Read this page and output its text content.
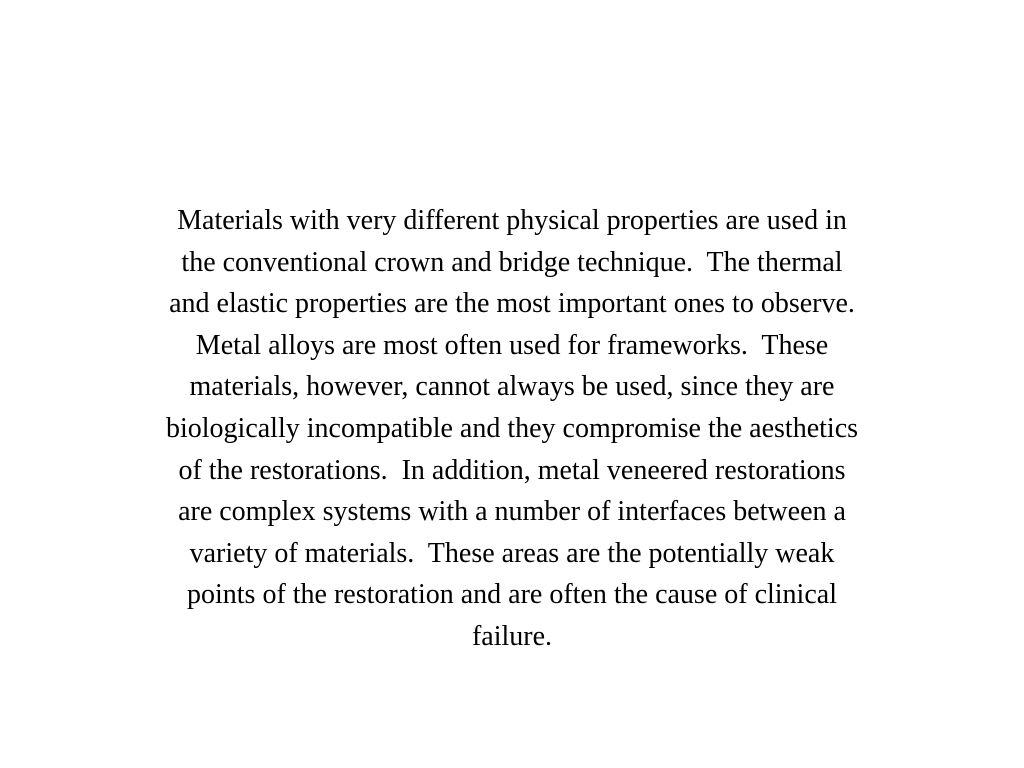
Materials with very different physical properties are used in
the conventional crown and bridge technique.  The thermal
and elastic properties are the most important ones to observe.
Metal alloys are most often used for frameworks.  These
materials, however, cannot always be used, since they are
biologically incompatible and they compromise the aesthetics
of the restorations.  In addition, metal veneered restorations
are complex systems with a number of interfaces between a
variety of materials.  These areas are the potentially weak
points of the restoration and are often the cause of clinical
failure.
